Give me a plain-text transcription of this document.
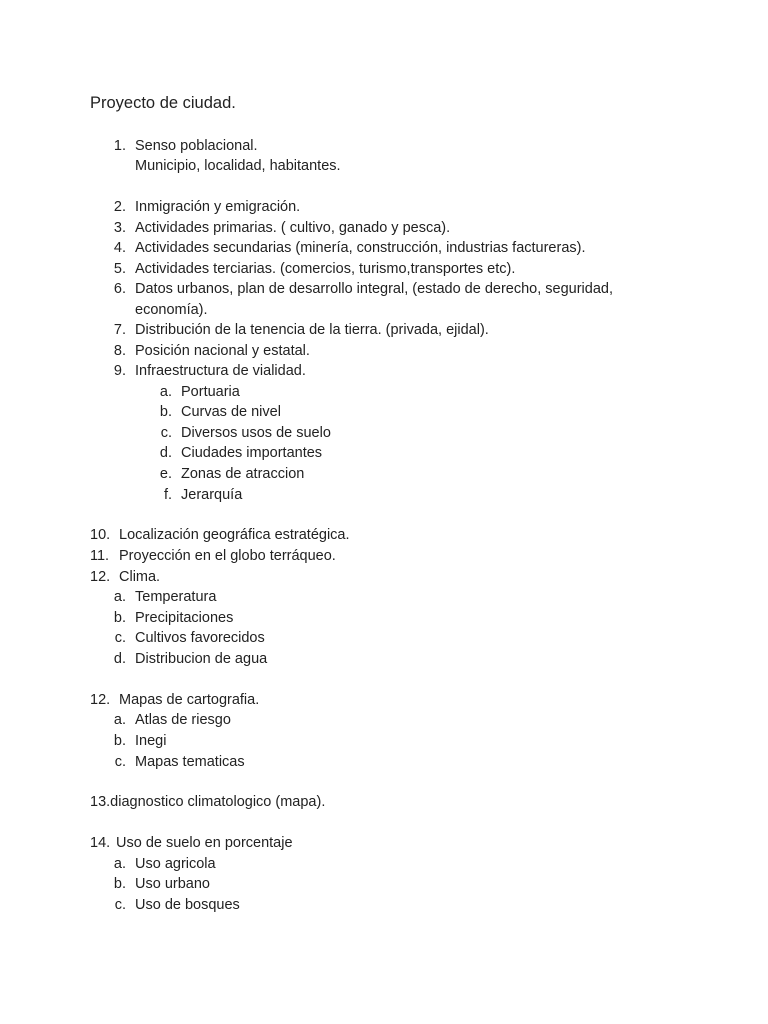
Proyecto de ciudad.
1. Senso poblacional.
Municipio, localidad, habitantes.
2. Inmigración y emigración.
3. Actividades primarias. ( cultivo, ganado y pesca).
4. Actividades secundarias (minería, construcción, industrias factureras).
5. Actividades terciarias. (comercios, turismo,transportes etc).
6. Datos urbanos, plan de desarrollo integral, (estado de derecho, seguridad,
economía).
7. Distribución de la tenencia de la tierra. (privada, ejidal).
8. Posición nacional y estatal.
9. Infraestructura de vialidad.
a. Portuaria
b. Curvas de nivel
c. Diversos usos de suelo
d. Ciudades importantes
e. Zonas de atraccion
f. Jerarquía
10. Localización geográfica estratégica.
11. Proyección en el globo terráqueo.
12. Clima.
a. Temperatura
b. Precipitaciones
c. Cultivos favorecidos
d. Distribucion de agua
12. Mapas de cartografia.
a. Atlas de riesgo
b. Inegi
c. Mapas tematicas
13.diagnostico climatologico (mapa).
14. Uso de suelo en porcentaje
a. Uso agricola
b. Uso urbano
c. Uso de bosques
